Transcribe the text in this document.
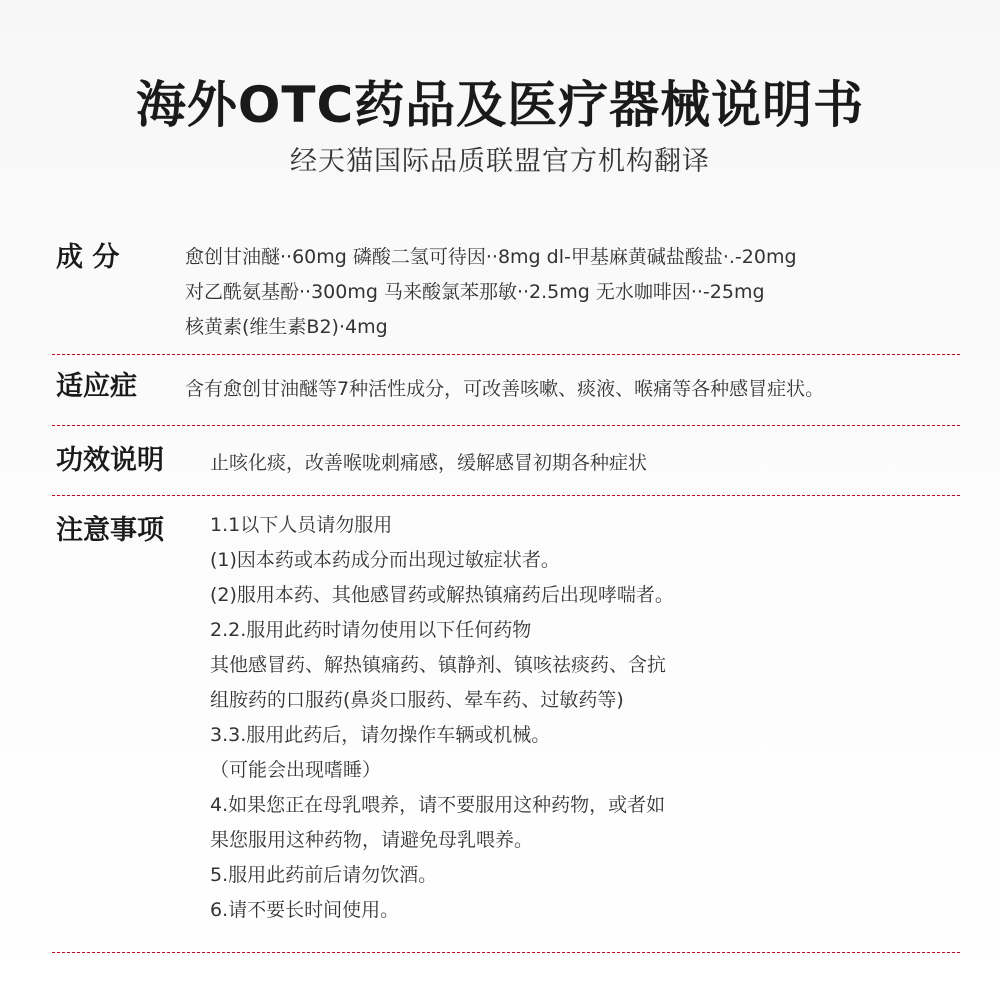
海外OTC药品及医疗器械说明书
经天猫国际品质联盟官方机构翻译
成 分	愈创甘油醚··60mg 磷酸二氢可待因··8mg dl-甲基麻黄碱盐酸盐·.-20mg
对乙酰氨基酚··300mg 马来酸氯苯那敏··2.5mg 无水咖啡因··-25mg
核黄素(维生素B2)·4mg
适应症	含有愈创甘油醚等7种活性成分，可改善咳嗽、痰液、喉痛等各种感冒症状。
功效说明 止咳化痰，改善喉咙刺痛感，缓解感冒初期各种症状
注意事项 1.1以下人员请勿服用
(1)因本药或本药成分而出现过敏症状者。
(2)服用本药、其他感冒药或解热镇痛药后出现哮喘者。
2.2.服用此药时请勿使用以下任何药物
其他感冒药、解热镇痛药、镇静剂、镇咳祛痰药、含抗
组胺药的口服药(鼻炎口服药、晕车药、过敏药等)
3.3.服用此药后，请勿操作车辆或机械。
（可能会出现嗜睡）
4.如果您正在母乳喂养，请不要服用这种药物，或者如
果您服用这种药物，请避免母乳喂养。
5.服用此药前后请勿饮酒。
6.请不要长时间使用。
